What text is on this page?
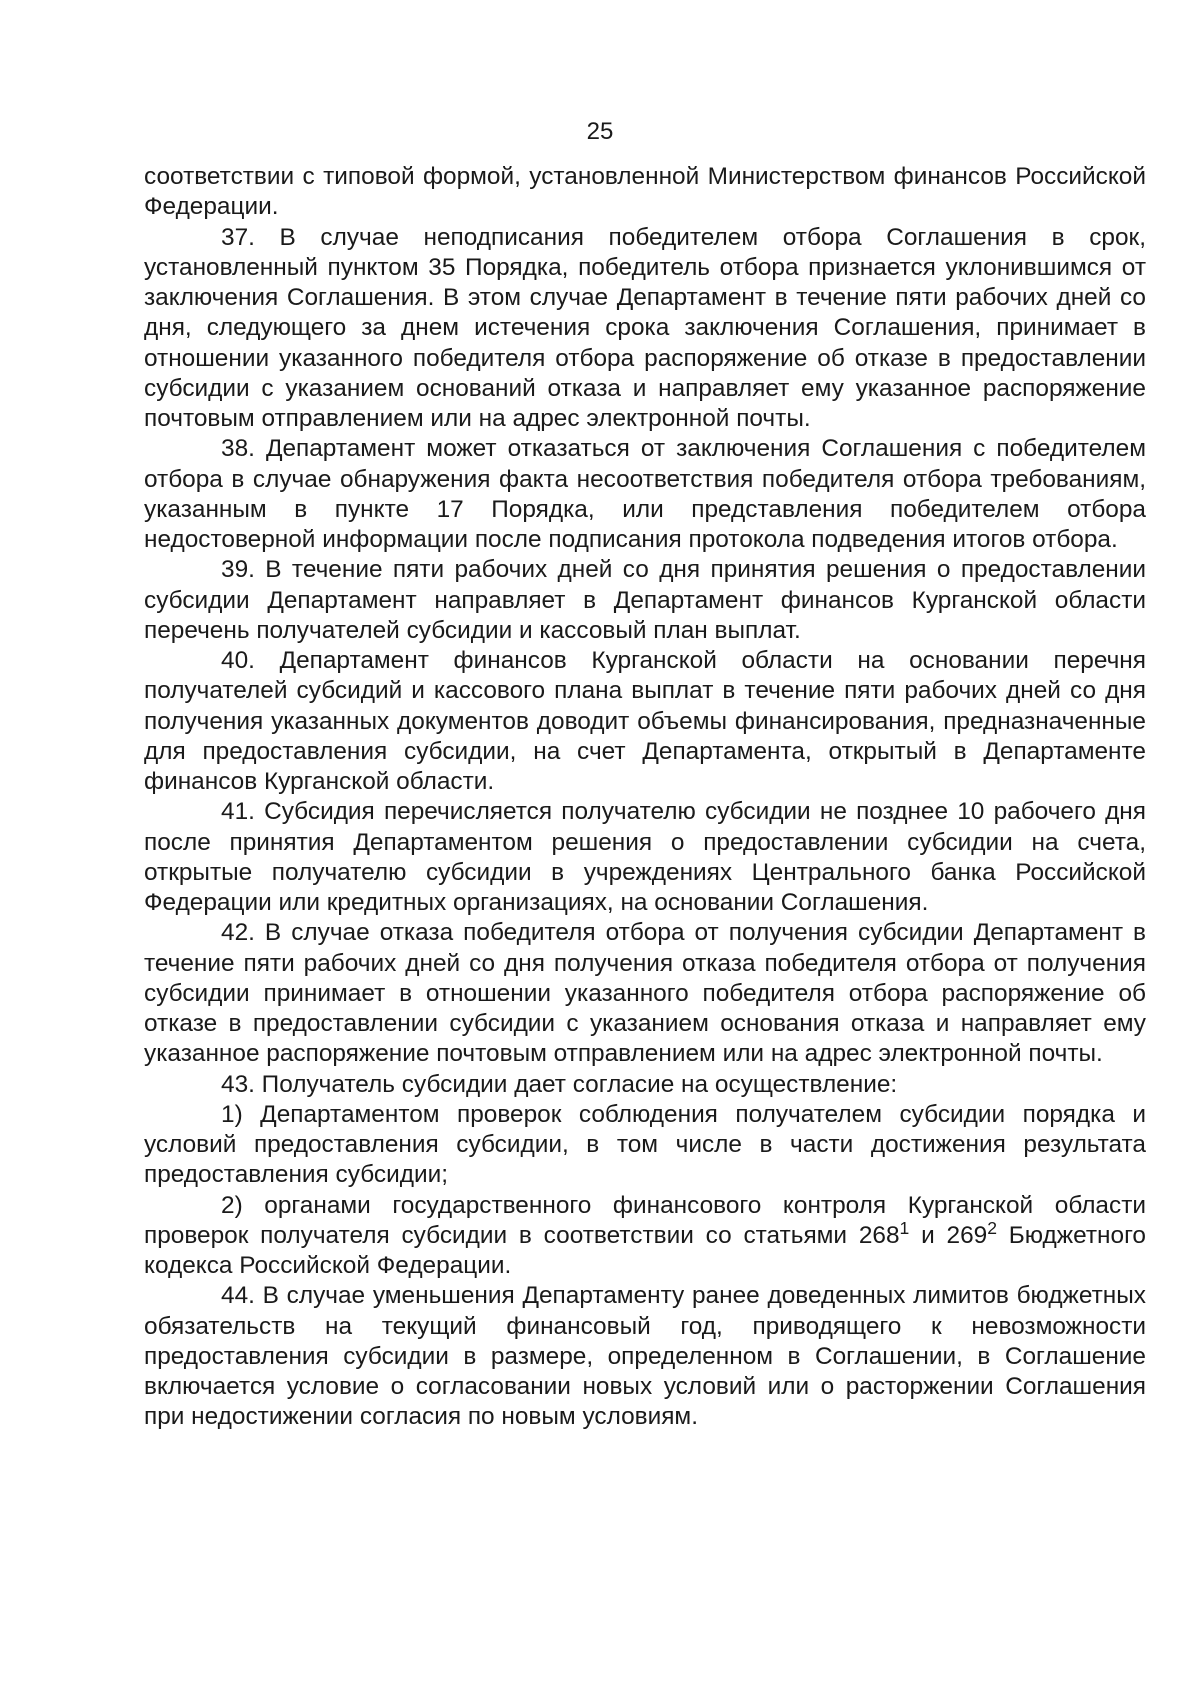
25

соответствии с типовой формой, установленной Министерством финансов Российской Федерации.

37. В случае неподписания победителем отбора Соглашения в срок, установленный пунктом 35 Порядка, победитель отбора признается уклонившимся от заключения Соглашения. В этом случае Департамент в течение пяти рабочих дней со дня, следующего за днем истечения срока заключения Соглашения, принимает в отношении указанного победителя отбора распоряжение об отказе в предоставлении субсидии с указанием оснований отказа и направляет ему указанное распоряжение почтовым отправлением или на адрес электронной почты.

38. Департамент может отказаться от заключения Соглашения с победителем отбора в случае обнаружения факта несоответствия победителя отбора требованиям, указанным в пункте 17 Порядка, или представления победителем отбора недостоверной информации после подписания протокола подведения итогов отбора.

39. В течение пяти рабочих дней со дня принятия решения о предоставлении субсидии Департамент направляет в Департамент финансов Курганской области перечень получателей субсидии и кассовый план выплат.

40. Департамент финансов Курганской области на основании перечня получателей субсидий и кассового плана выплат в течение пяти рабочих дней со дня получения указанных документов доводит объемы финансирования, предназначенные для предоставления субсидии, на счет Департамента, открытый в Департаменте финансов Курганской области.

41. Субсидия перечисляется получателю субсидии не позднее 10 рабочего дня после принятия Департаментом решения о предоставлении субсидии на счета, открытые получателю субсидии в учреждениях Центрального банка Российской Федерации или кредитных организациях, на основании Соглашения.

42. В случае отказа победителя отбора от получения субсидии Департамент в течение пяти рабочих дней со дня получения отказа победителя отбора от получения субсидии принимает в отношении указанного победителя отбора распоряжение об отказе в предоставлении субсидии с указанием основания отказа и направляет ему указанное распоряжение почтовым отправлением или на адрес электронной почты.

43. Получатель субсидии дает согласие на осуществление:

1) Департаментом проверок соблюдения получателем субсидии порядка и условий предоставления субсидии, в том числе в части достижения результата предоставления субсидии;

2) органами государственного финансового контроля Курганской области проверок получателя субсидии в соответствии со статьями $268^1$ и $269^2$ Бюджетного кодекса Российской Федерации.

44. В случае уменьшения Департаменту ранее доведенных лимитов бюджетных обязательств на текущий финансовый год, приводящего к невозможности предоставления субсидии в размере, определенном в Соглашении, в Соглашение включается условие о согласовании новых условий или о расторжении Соглашения при недостижении согласия по новым условиям.
